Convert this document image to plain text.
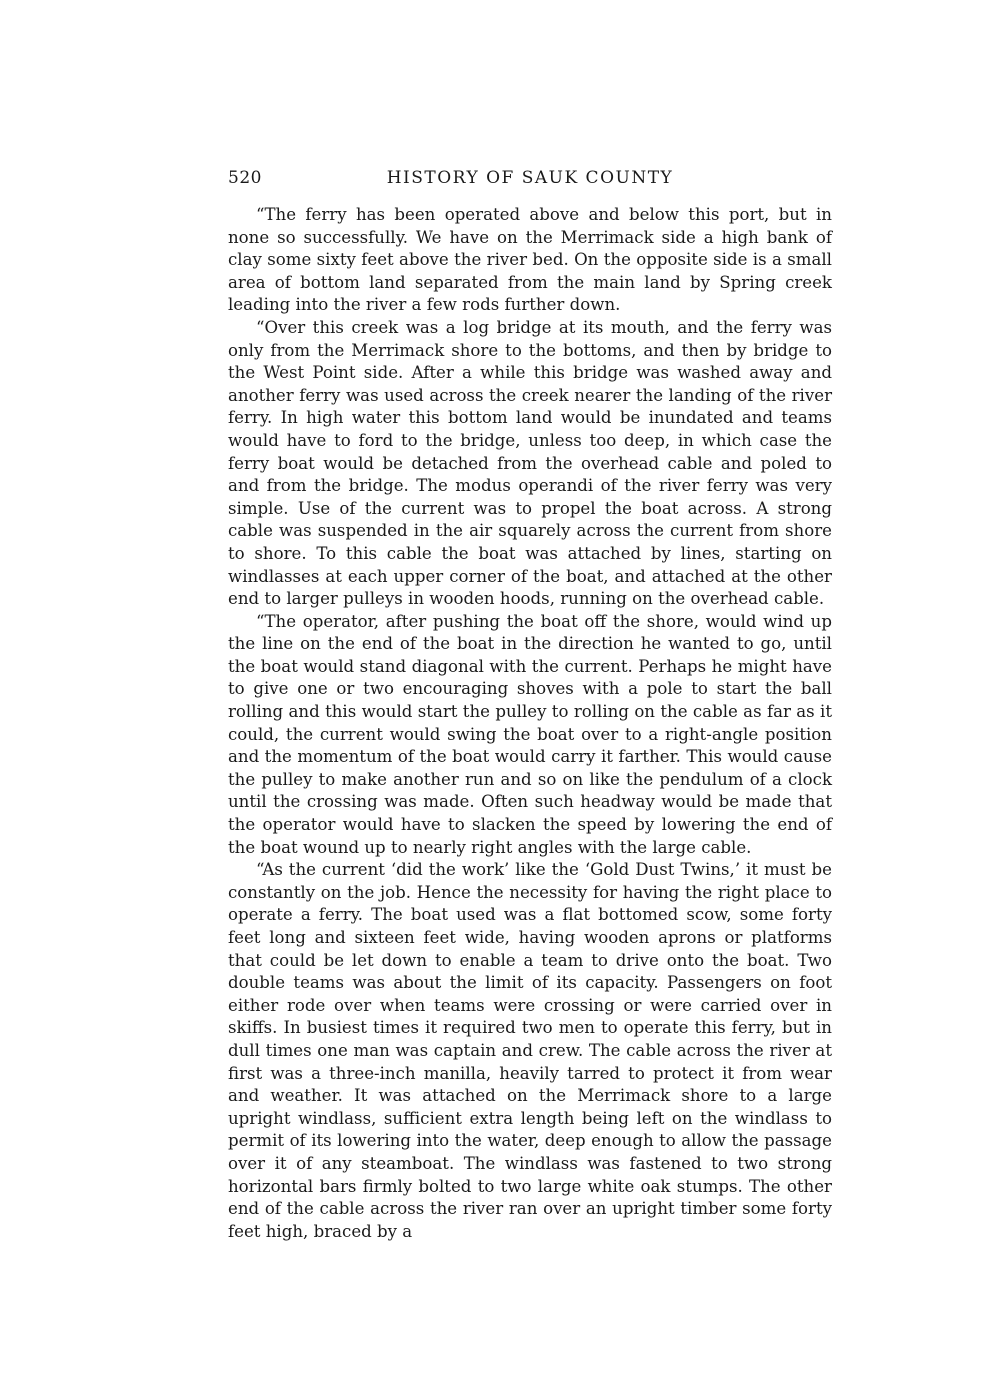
520	HISTORY OF SAUK COUNTY

“The ferry has been operated above and below this port, but in none so successfully. We have on the Merrimack side a high bank of clay some sixty feet above the river bed. On the opposite side is a small area of bottom land separated from the main land by Spring creek leading into the river a few rods further down.

“Over this creek was a log bridge at its mouth, and the ferry was only from the Merrimack shore to the bottoms, and then by bridge to the West Point side. After a while this bridge was washed away and another ferry was used across the creek nearer the landing of the river ferry. In high water this bottom land would be inundated and teams would have to ford to the bridge, unless too deep, in which case the ferry boat would be detached from the overhead cable and poled to and from the bridge. The modus operandi of the river ferry was very simple. Use of the current was to propel the boat across. A strong cable was suspended in the air squarely across the current from shore to shore. To this cable the boat was attached by lines, starting on windlasses at each upper corner of the boat, and attached at the other end to larger pulleys in wooden hoods, running on the overhead cable.

“The operator, after pushing the boat off the shore, would wind up the line on the end of the boat in the direction he wanted to go, until the boat would stand diagonal with the current. Perhaps he might have to give one or two encouraging shoves with a pole to start the ball rolling and this would start the pulley to rolling on the cable as far as it could, the current would swing the boat over to a right-angle position and the momentum of the boat would carry it farther. This would cause the pulley to make another run and so on like the pendulum of a clock until the crossing was made. Often such headway would be made that the operator would have to slacken the speed by lowering the end of the boat wound up to nearly right angles with the large cable.

“As the current ‘did the work’ like the ‘Gold Dust Twins,’ it must be constantly on the job. Hence the necessity for having the right place to operate a ferry. The boat used was a flat bottomed scow, some forty feet long and sixteen feet wide, having wooden aprons or platforms that could be let down to enable a team to drive onto the boat. Two double teams was about the limit of its capacity. Passengers on foot either rode over when teams were crossing or were carried over in skiffs. In busiest times it required two men to operate this ferry, but in dull times one man was captain and crew. The cable across the river at first was a three-inch manilla, heavily tarred to protect it from wear and weather. It was attached on the Merrimack shore to a large upright windlass, sufficient extra length being left on the windlass to permit of its lowering into the water, deep enough to allow the passage over it of any steamboat. The windlass was fastened to two strong horizontal bars firmly bolted to two large white oak stumps. The other end of the cable across the river ran over an upright timber some forty feet high, braced by a
